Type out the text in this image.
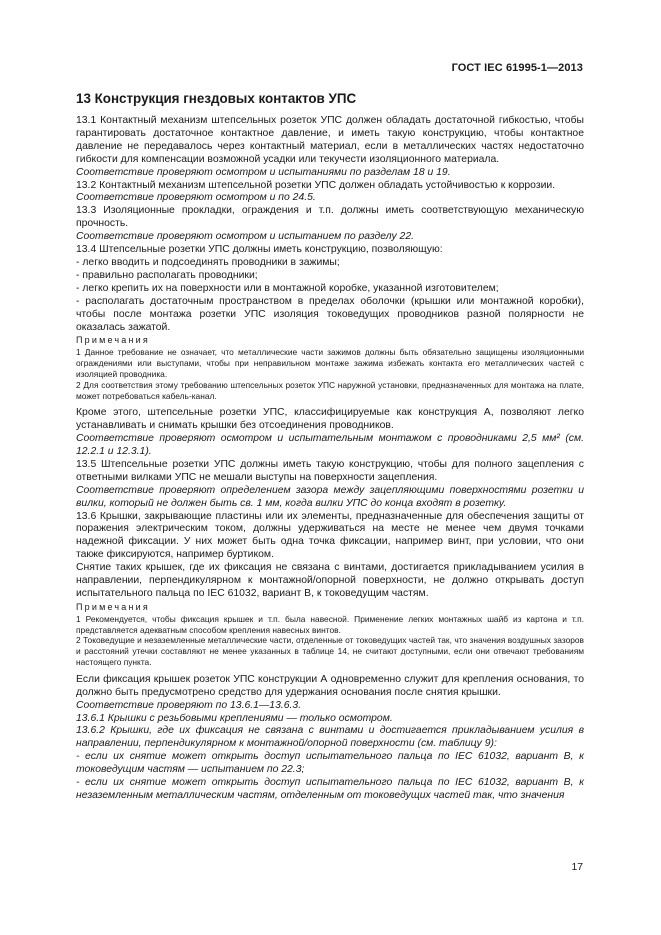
ГОСТ IEC 61995-1—2013
13 Конструкция гнездовых контактов УПС

13.1 Контактный механизм штепсельных розеток УПС должен обладать достаточной гибкостью, чтобы гарантировать достаточное контактное давление, и иметь такую конструкцию, чтобы контактное давление не передавалось через контактный материал, если в металлических частях недостаточно гибкости для компенсации возможной усадки или текучести изоляционного материала.

Соответствие проверяют осмотром и испытаниями по разделам 18 и 19.

13.2 Контактный механизм штепсельной розетки УПС должен обладать устойчивостью к коррозии.

Соответствие проверяют осмотром и по 24.5.

13.3 Изоляционные прокладки, ограждения и т.п. должны иметь соответствующую механическую прочность.

Соответствие проверяют осмотром и испытанием по разделу 22.

13.4 Штепсельные розетки УПС должны иметь конструкцию, позволяющую:

- легко вводить и подсоединять проводники в зажимы;

- правильно располагать проводники;

- легко крепить их на поверхности или в монтажной коробке, указанной изготовителем;

- располагать достаточным пространством в пределах оболочки (крышки или монтажной коробки), чтобы после монтажа розетки УПС изоляция токоведущих проводников разной полярности не оказалась зажатой.

Примечания

1 Данное требование не означает, что металлические части зажимов должны быть обязательно защищены изоляционными ограждениями или выступами, чтобы при неправильном монтаже зажима избежать контакта его металлических частей с изоляцией проводника.

2 Для соответствия этому требованию штепсельных розеток УПС наружной установки, предназначенных для монтажа на плате, может потребоваться кабель-канал.

Кроме этого, штепсельные розетки УПС, классифицируемые как конструкция А, позволяют легко устанавливать и снимать крышки без отсоединения проводников.

Соответствие проверяют осмотром и испытательным монтажом с проводниками 2,5 мм² (см. 12.2.1 и 12.3.1).

13.5 Штепсельные розетки УПС должны иметь такую конструкцию, чтобы для полного зацепления с ответными вилками УПС не мешали выступы на поверхности зацепления.

Соответствие проверяют определением зазора между зацепляющими поверхностями розетки и вилки, который не должен быть св. 1 мм, когда вилки УПС до конца входят в розетку.

13.6 Крышки, закрывающие пластины или их элементы, предназначенные для обеспечения защиты от поражения электрическим током, должны удерживаться на месте не менее чем двумя точками надежной фиксации. У них может быть одна точка фиксации, например винт, при условии, что они также фиксируются, например буртиком.

Снятие таких крышек, где их фиксация не связана с винтами, достигается прикладыванием усилия в направлении, перпендикулярном к монтажной/опорной поверхности, не должно открывать доступ испытательного пальца по IEC 61032, вариант В, к токоведущим частям.

Примечания

1 Рекомендуется, чтобы фиксация крышек и т.п. была навесной. Применение легких монтажных шайб из картона и т.п. представляется адекватным способом крепления навесных винтов.

2 Токоведущие и незаземленные металлические части, отделенные от токоведущих частей так, что значения воздушных зазоров и расстояний утечки составляют не менее указанных в таблице 14, не считают доступными, если они отвечают требованиям настоящего пункта.

Если фиксация крышек розеток УПС конструкции А одновременно служит для крепления основания, то должно быть предусмотрено средство для удержания основания после снятия крышки.

Соответствие проверяют по 13.6.1—13.6.3.

13.6.1 Крышки с резьбовыми креплениями — только осмотром.

13.6.2 Крышки, где их фиксация не связана с винтами и достигается прикладыванием усилия в направлении, перпендикулярном к монтажной/опорной поверхности (см. таблицу 9):

- если их снятие может открыть доступ испытательного пальца по IEC 61032, вариант В, к токоведущим частям — испытанием по 22.3;

- если их снятие может открыть доступ испытательного пальца по IEC 61032, вариант В, к незаземленным металлическим частям, отделенным от токоведущих частей так, что значения

17
